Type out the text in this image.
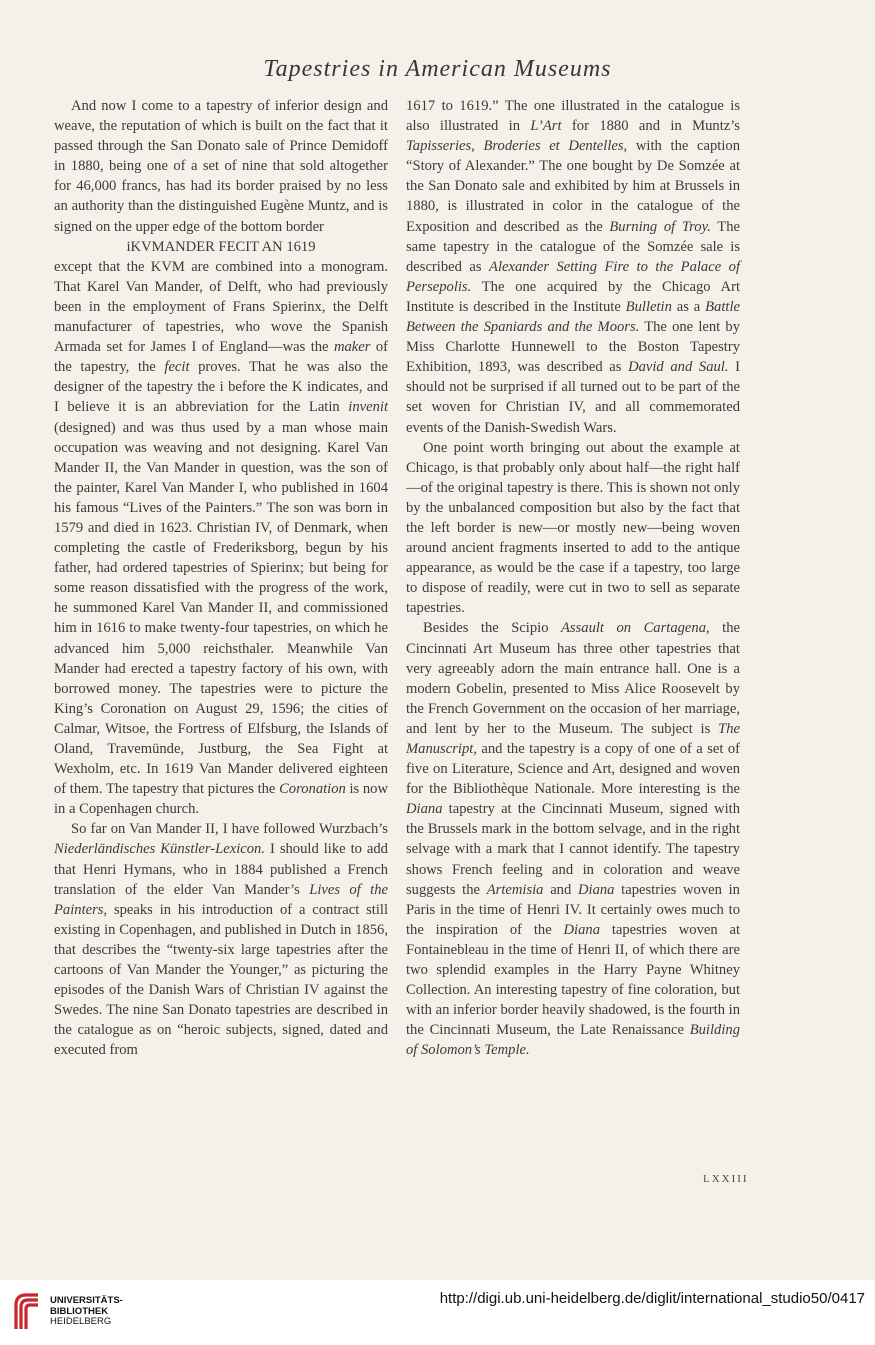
Tapestries in American Museums

And now I come to a tapestry of inferior design and weave, the reputation of which is built on the fact that it passed through the San Donato sale of Prince Demidoff in 1880, being one of a set of nine that sold altogether for 46,000 francs, has had its border praised by no less an authority than the distinguished Eugène Muntz, and is signed on the upper edge of the bottom border

iKVMANDER FECIT AN 1619

except that the KVM are combined into a monogram. That Karel Van Mander, of Delft, who had previously been in the employment of Frans Spierinx, the Delft manufacturer of tapestries, who wove the Spanish Armada set for James I of England—was the maker of the tapestry, the fecit proves. That he was also the designer of the tapestry the i before the K indicates, and I believe it is an abbreviation for the Latin invenit (designed) and was thus used by a man whose main occupation was weaving and not designing. Karel Van Mander II, the Van Mander in question, was the son of the painter, Karel Van Mander I, who published in 1604 his famous “Lives of the Painters.” The son was born in 1579 and died in 1623. Christian IV, of Denmark, when completing the castle of Frederiksborg, begun by his father, had ordered tapestries of Spierinx; but being for some reason dissatisfied with the progress of the work, he summoned Karel Van Mander II, and commissioned him in 1616 to make twenty-four tapestries, on which he advanced him 5,000 reichsthaler. Meanwhile Van Mander had erected a tapestry factory of his own, with borrowed money. The tapestries were to picture the King’s Coronation on August 29, 1596; the cities of Calmar, Witsoe, the Fortress of Elfsburg, the Islands of Oland, Travemünde, Justburg, the Sea Fight at Wexholm, etc. In 1619 Van Mander delivered eighteen of them. The tapestry that pictures the Coronation is now in a Copenhagen church.

So far on Van Mander II, I have followed Wurzbach’s Niederländisches Künstler-Lexicon. I should like to add that Henri Hymans, who in 1884 published a French translation of the elder Van Mander’s Lives of the Painters, speaks in his introduction of a contract still existing in Copenhagen, and published in Dutch in 1856, that describes the “twenty-six large tapestries after the cartoons of Van Mander the Younger,” as picturing the episodes of the Danish Wars of Christian IV against the Swedes. The nine San Donato tapestries are described in the catalogue as on “heroic subjects, signed, dated and executed from

1617 to 1619.” The one illustrated in the catalogue is also illustrated in L’Art for 1880 and in Muntz’s Tapisseries, Broderies et Dentelles, with the caption “Story of Alexander.” The one bought by De Somzée at the San Donato sale and exhibited by him at Brussels in 1880, is illustrated in color in the catalogue of the Exposition and described as the Burning of Troy. The same tapestry in the catalogue of the Somzée sale is described as Alexander Setting Fire to the Palace of Persepolis. The one acquired by the Chicago Art Institute is described in the Institute Bulletin as a Battle Between the Spaniards and the Moors. The one lent by Miss Charlotte Hunnewell to the Boston Tapestry Exhibition, 1893, was described as David and Saul. I should not be surprised if all turned out to be part of the set woven for Christian IV, and all commemorated events of the Danish-Swedish Wars.

One point worth bringing out about the example at Chicago, is that probably only about half—the right half—of the original tapestry is there. This is shown not only by the unbalanced composition but also by the fact that the left border is new—or mostly new—being woven around ancient fragments inserted to add to the antique appearance, as would be the case if a tapestry, too large to dispose of readily, were cut in two to sell as separate tapestries.

Besides the Scipio Assault on Cartagena, the Cincinnati Art Museum has three other tapestries that very agreeably adorn the main entrance hall. One is a modern Gobelin, presented to Miss Alice Roosevelt by the French Government on the occasion of her marriage, and lent by her to the Museum. The subject is The Manuscript, and the tapestry is a copy of one of a set of five on Literature, Science and Art, designed and woven for the Bibliothèque Nationale. More interesting is the Diana tapestry at the Cincinnati Museum, signed with the Brussels mark in the bottom selvage, and in the right selvage with a mark that I cannot identify. The tapestry shows French feeling and in coloration and weave suggests the Artemisia and Diana tapestries woven in Paris in the time of Henri IV. It certainly owes much to the inspiration of the Diana tapestries woven at Fontainebleau in the time of Henri II, of which there are two splendid examples in the Harry Payne Whitney Collection. An interesting tapestry of fine coloration, but with an inferior border heavily shadowed, is the fourth in the Cincinnati Museum, the Late Renaissance Building of Solomon’s Temple.

LXXIII
UNIVERSITÄTS-
BIBLIOTHEK
HEIDELBERG
http://digi.ub.uni-heidelberg.de/diglit/international_studio50/0417
